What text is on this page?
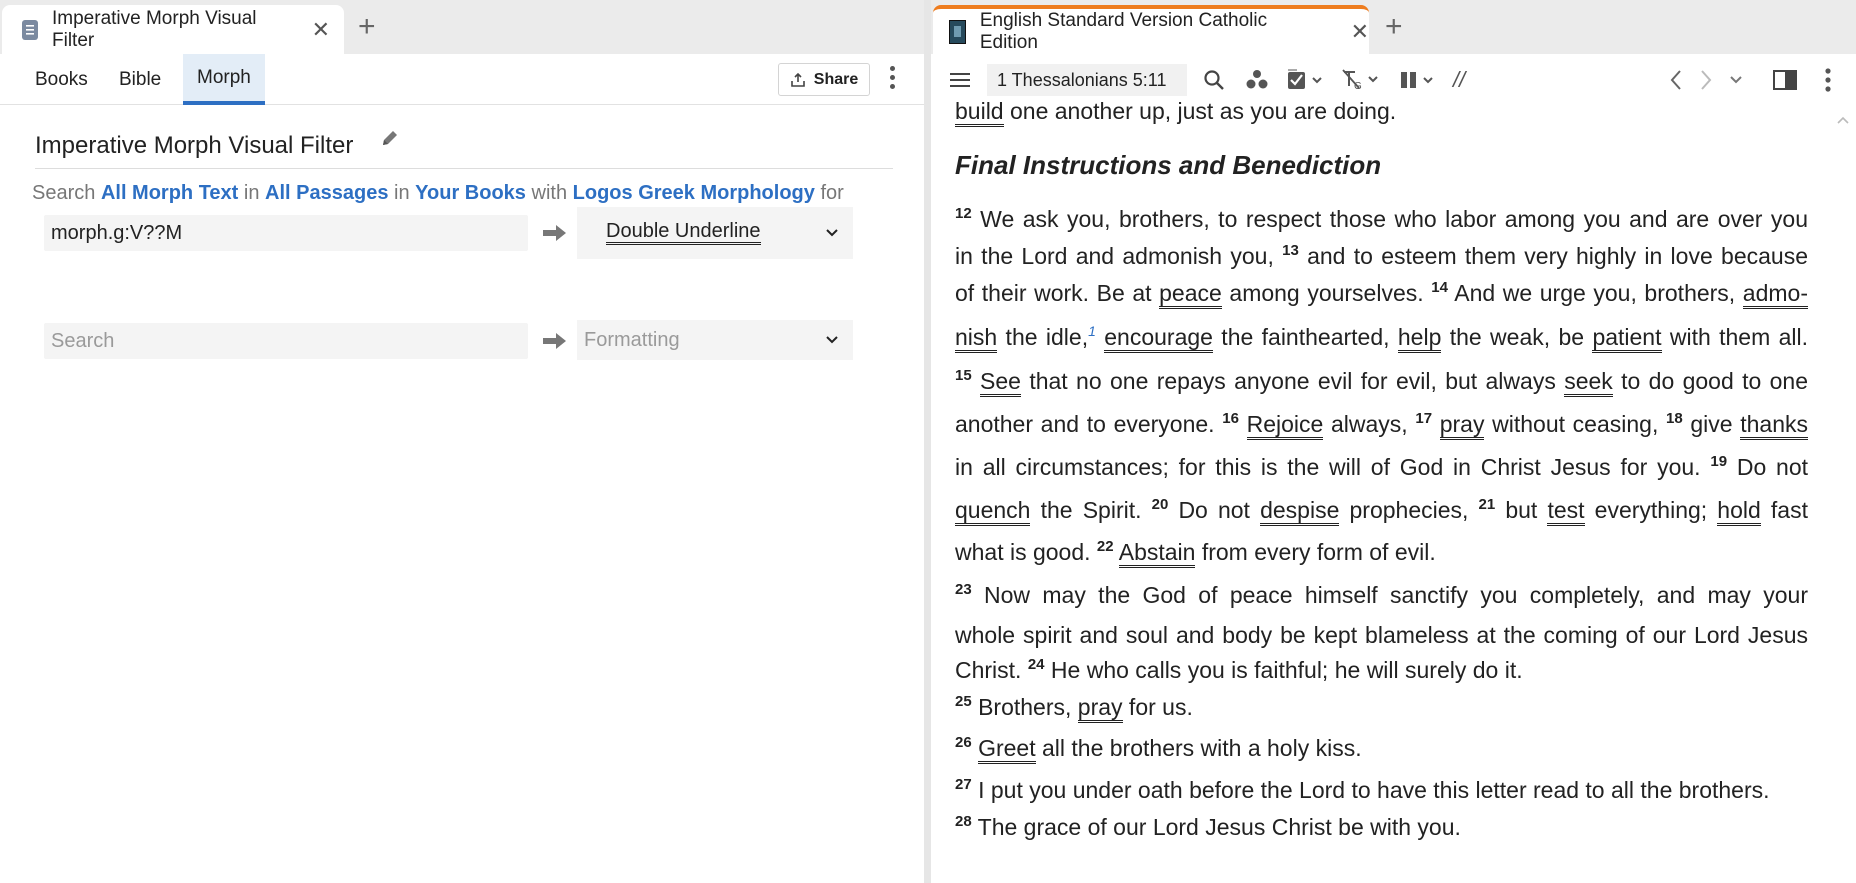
Imperative Morph Visual Filter	✕ +
Books	Bible	Morph	Share
Imperative Morph Visual Filter
Search All Morph Text in All Passages in Your Books with Logos Greek Morphology for
morph.g:V??M	Double Underline
Search	Formatting
English Standard Version Catholic Edition	✕ +
1 Thessalonians 5:11	G	//
build one another up, just as you are doing.
Final Instructions and Benediction
$^{12}$ We ask you, brothers, to respect those who labor among you and are over you
in the Lord and admonish you, $^{13}$ and to esteem them very highly in love because
of their work. Be at peace among yourselves. $^{14}$ And we urge you, brothers, admo-
nish the idle,$^1$ encourage the fainthearted, help the weak, be patient with them all.
$^{15}$ See that no one repays anyone evil for evil, but always seek to do good to one
another and to everyone. $^{16}$ Rejoice always, $^{17}$ pray without ceasing, $^{18}$ give thanks
in all circumstances; for this is the will of God in Christ Jesus for you. $^{19}$ Do not
quench the Spirit. $^{20}$ Do not despise prophecies, $^{21}$ but test everything; hold fast
what is good. $^{22}$ Abstain from every form of evil.
$^{23}$ Now may the God of peace himself sanctify you completely, and may your
whole spirit and soul and body be kept blameless at the coming of our Lord Jesus
Christ. $^{24}$ He who calls you is faithful; he will surely do it.
$^{25}$ Brothers, pray for us.
$^{26}$ Greet all the brothers with a holy kiss.
$^{27}$ I put you under oath before the Lord to have this letter read to all the brothers.
$^{28}$ The grace of our Lord Jesus Christ be with you.
